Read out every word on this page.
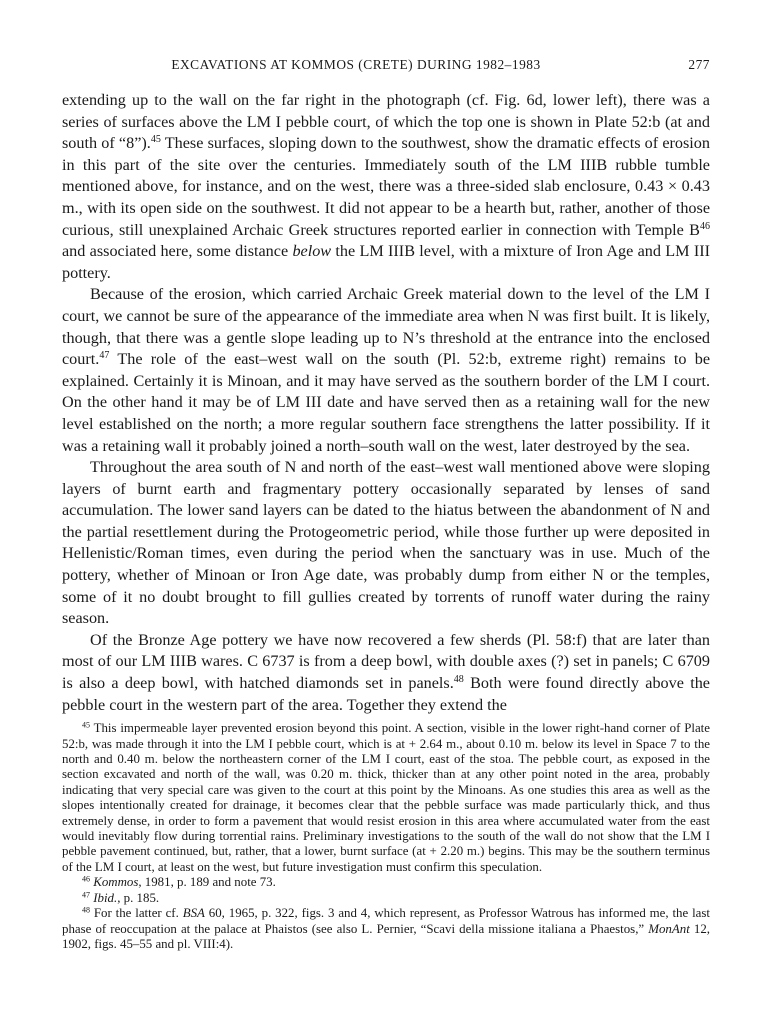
EXCAVATIONS AT KOMMOS (CRETE) DURING 1982–1983	277

extending up to the wall on the far right in the photograph (cf. Fig. 6d, lower left), there was a series of surfaces above the LM I pebble court, of which the top one is shown in Plate 52:b (at and south of “8”).$^{45}$ These surfaces, sloping down to the southwest, show the dramatic effects of erosion in this part of the site over the centuries. Immediately south of the LM IIIB rubble tumble mentioned above, for instance, and on the west, there was a three-sided slab enclosure, 0.43 × 0.43 m., with its open side on the southwest. It did not appear to be a hearth but, rather, another of those curious, still unexplained Archaic Greek structures reported earlier in connection with Temple $B^{46}$ and associated here, some distance below the LM IIIB level, with a mixture of Iron Age and LM III pottery.

Because of the erosion, which carried Archaic Greek material down to the level of the LM I court, we cannot be sure of the appearance of the immediate area when N was first built. It is likely, though, that there was a gentle slope leading up to N’s threshold at the entrance into the enclosed court.$^{47}$ The role of the east–west wall on the south (Pl. 52:b, extreme right) remains to be explained. Certainly it is Minoan, and it may have served as the southern border of the LM I court. On the other hand it may be of LM III date and have served then as a retaining wall for the new level established on the north; a more regular southern face strengthens the latter possibility. If it was a retaining wall it probably joined a north–south wall on the west, later destroyed by the sea.

Throughout the area south of N and north of the east–west wall mentioned above were sloping layers of burnt earth and fragmentary pottery occasionally separated by lenses of sand accumulation. The lower sand layers can be dated to the hiatus between the abandonment of N and the partial resettlement during the Protogeometric period, while those further up were deposited in Hellenistic/Roman times, even during the period when the sanctuary was in use. Much of the pottery, whether of Minoan or Iron Age date, was probably dump from either N or the temples, some of it no doubt brought to fill gullies created by torrents of runoff water during the rainy season.

Of the Bronze Age pottery we have now recovered a few sherds (Pl. 58:f) that are later than most of our LM IIIB wares. C 6737 is from a deep bowl, with double axes (?) set in panels; C 6709 is also a deep bowl, with hatched diamonds set in panels.$^{48}$ Both were found directly above the pebble court in the western part of the area. Together they extend the

$^{45}$ This impermeable layer prevented erosion beyond this point. A section, visible in the lower right-hand corner of Plate 52:b, was made through it into the LM I pebble court, which is at + 2.64 m., about 0.10 m. below its level in Space 7 to the north and 0.40 m. below the northeastern corner of the LM I court, east of the stoa. The pebble court, as exposed in the section excavated and north of the wall, was 0.20 m. thick, thicker than at any other point noted in the area, probably indicating that very special care was given to the court at this point by the Minoans. As one studies this area as well as the slopes intentionally created for drainage, it becomes clear that the pebble surface was made particularly thick, and thus extremely dense, in order to form a pavement that would resist erosion in this area where accumulated water from the east would inevitably flow during torrential rains. Preliminary investigations to the south of the wall do not show that the LM I pebble pavement continued, but, rather, that a lower, burnt surface (at + 2.20 m.) begins. This may be the southern terminus of the LM I court, at least on the west, but future investigation must confirm this speculation.

$^{46}$ Kommos, 1981, p. 189 and note 73.

$^{47}$ Ibid., p. 185.

$^{48}$ For the latter cf. BSA 60, 1965, p. 322, figs. 3 and 4, which represent, as Professor Watrous has informed me, the last phase of reoccupation at the palace at Phaistos (see also L. Pernier, “Scavi della missione italiana a Phaestos,” MonAnt 12, 1902, figs. 45–55 and pl. VIII:4).
